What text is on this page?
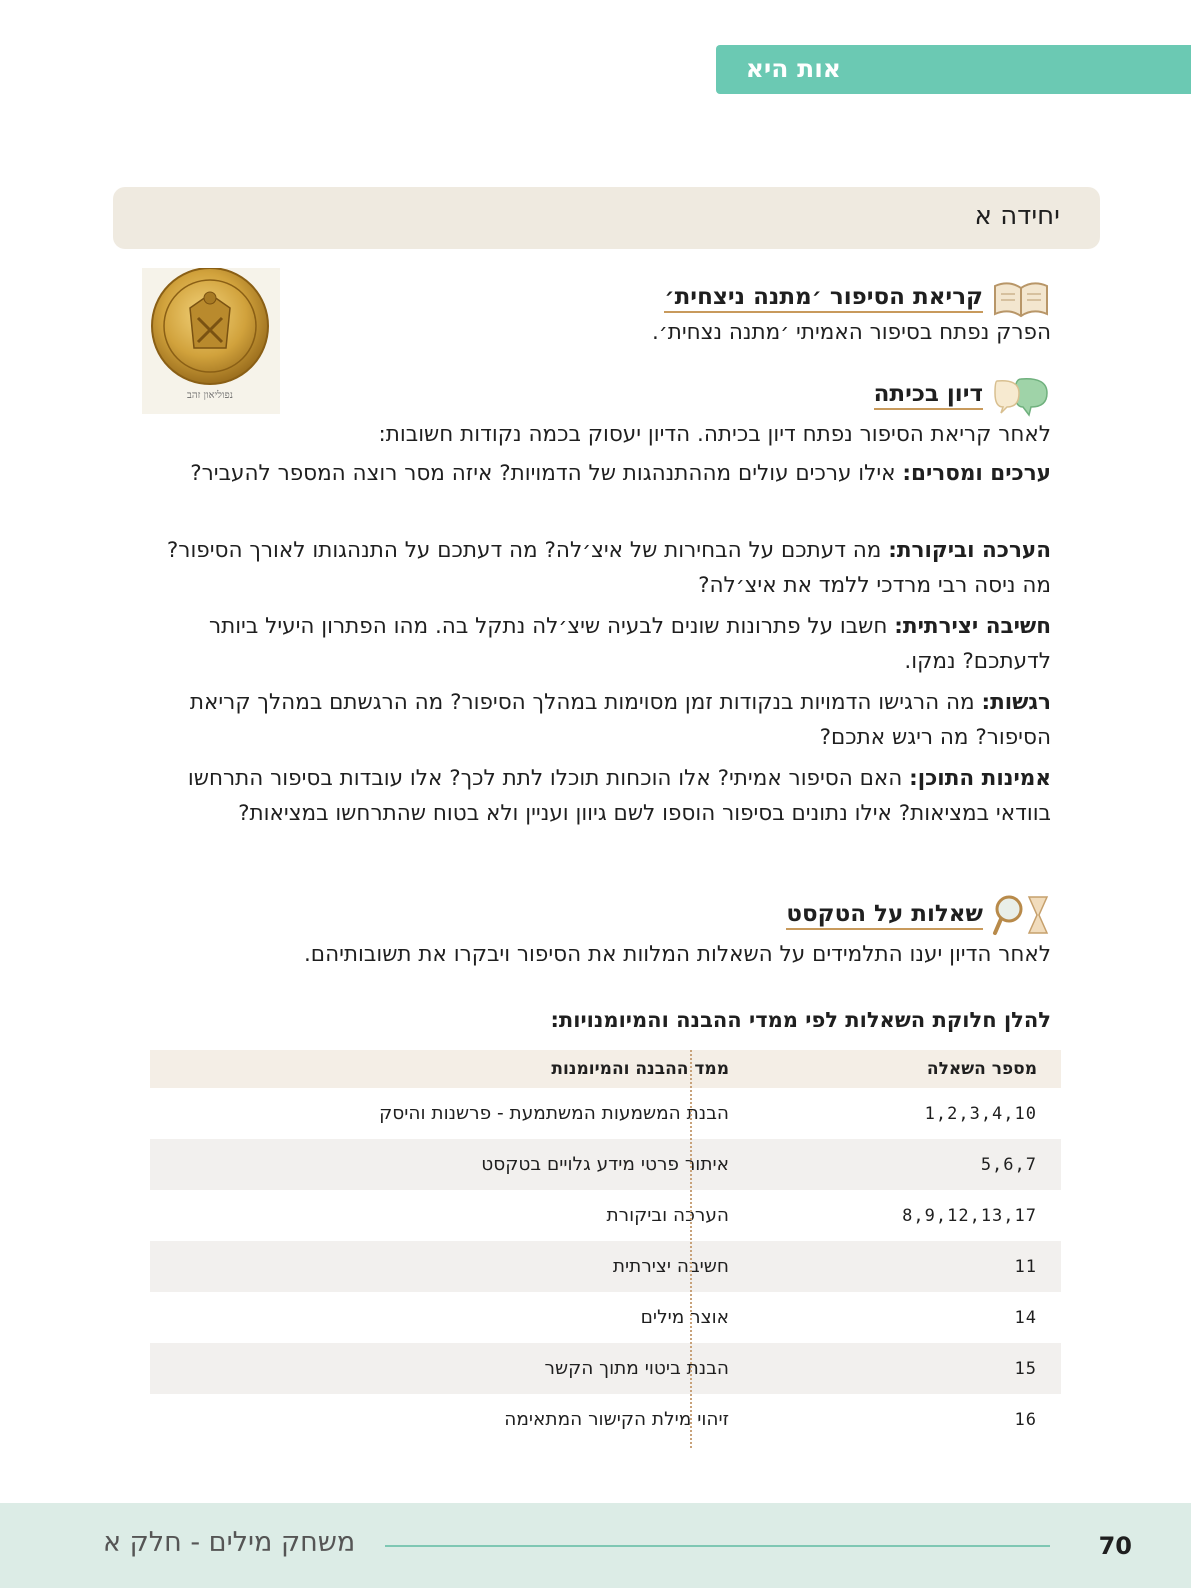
אות היא
יחידה א
נפוליאון זהב
קריאת הסיפור ׳מתנה ניצחית׳

הפרק נפתח בסיפור האמיתי ׳מתנה נצחית׳.

דיון בכיתה

לאחר קריאת הסיפור נפתח דיון בכיתה. הדיון יעסוק בכמה נקודות חשובות:

ערכים ומסרים: אילו ערכים עולים מההתנהגות של הדמויות? איזה מסר רוצה המספר להעביר?

הערכה וביקורת: מה דעתכם על הבחירות של איצ׳לה? מה דעתכם על התנהגותו לאורך הסיפור? מה ניסה רבי מרדכי ללמד את איצ׳לה?

חשיבה יצירתית: חשבו על פתרונות שונים לבעיה שיצ׳לה נתקל בה. מהו הפתרון היעיל ביותר לדעתכם? נמקו.

רגשות: מה הרגישו הדמויות בנקודות זמן מסוימות במהלך הסיפור? מה הרגשתם במהלך קריאת הסיפור? מה ריגש אתכם?

אמינות התוכן: האם הסיפור אמיתי? אלו הוכחות תוכלו לתת לכך? אלו עובדות בסיפור התרחשו בוודאי במציאות? אילו נתונים בסיפור הוספו לשם גיוון ועניין ולא בטוח שהתרחשו במציאות?

שאלות על הטקסט

לאחר הדיון יענו התלמידים על השאלות המלוות את הסיפור ויבקרו את תשובותיהם.

להלן חלוקת השאלות לפי ממדי ההבנה והמיומנויות:
מספר השאלה	ממד ההבנה והמיומנות
1,2,3,4,10	הבנת המשמעות המשתמעת - פרשנות והיסק
5,6,7	איתור פרטי מידע גלויים בטקסט
8,9,12,13,17	הערכה וביקורת
11	חשיבה יצירתית
14	אוצר מילים
15	הבנת ביטוי מתוך הקשר
16	זיהוי מילת הקישור המתאימה
70
משחק מילים - חלק א
